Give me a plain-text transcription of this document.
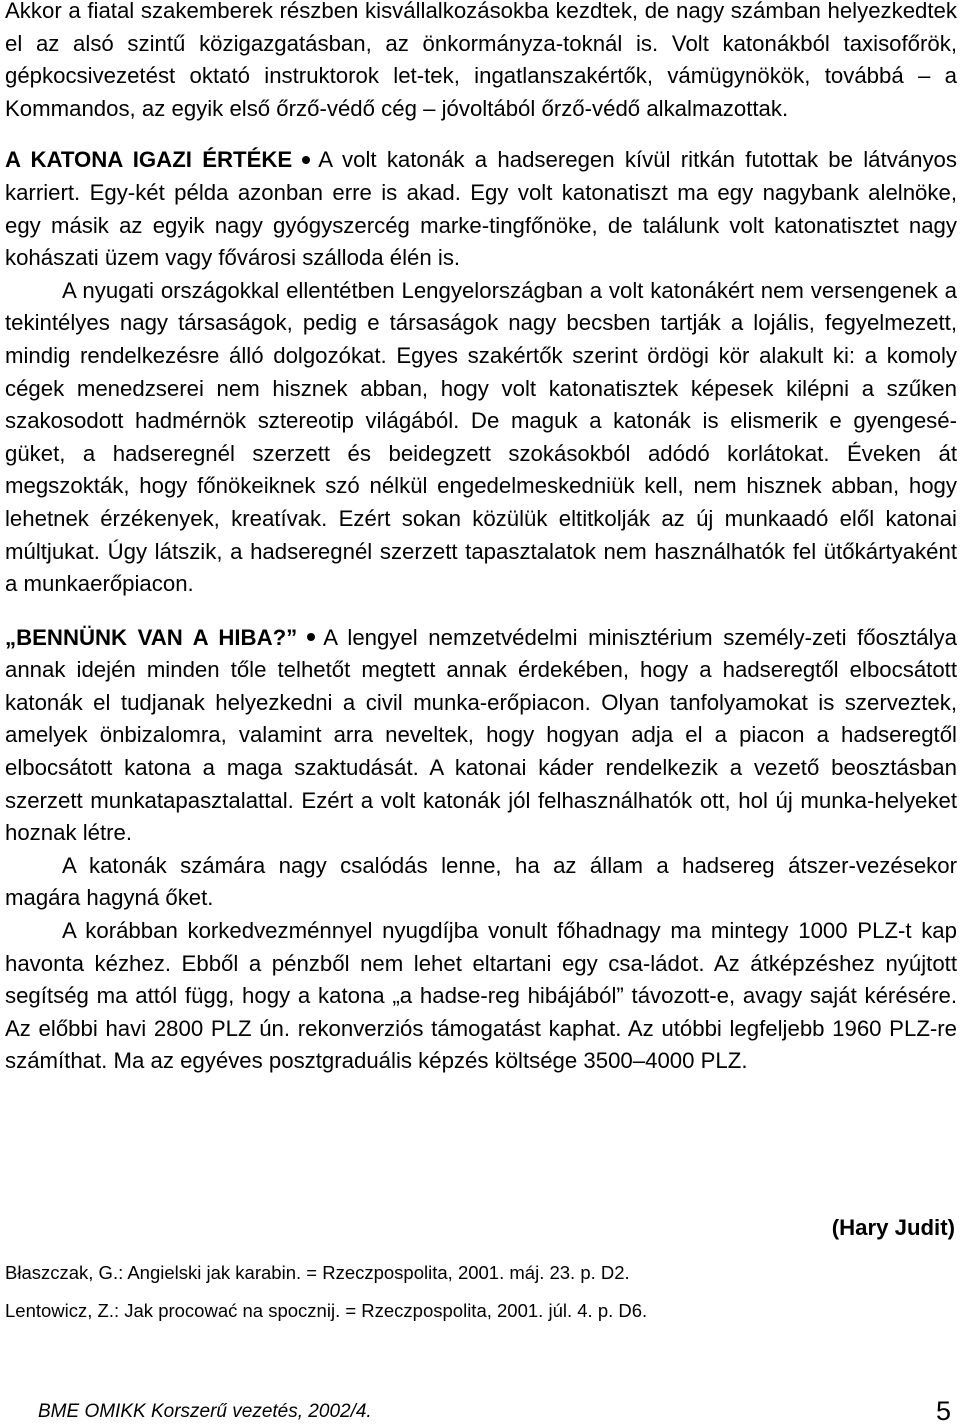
Akkor a fiatal szakemberek részben kisvállalkozásokba kezdtek, de nagy számban helyezkedtek el az alsó szintű közigazgatásban, az önkormányza-toknál is. Volt katonákból taxisofőrök, gépkocsivezetést oktató instruktorok let-tek, ingatlanszakértők, vámügynökök, továbbá – a Kommandos, az egyik első őrző-védő cég – jóvoltából őrző-védő alkalmazottak.

A KATONA IGAZI ÉRTÉKE A volt katonák a hadseregen kívül ritkán futottak be látványos karriert. Egy-két példa azonban erre is akad. Egy volt katonatiszt ma egy nagybank alelnöke, egy másik az egyik nagy gyógyszercég marke-tingfőnöke, de találunk volt katonatisztet nagy kohászati üzem vagy fővárosi szálloda élén is.

A nyugati országokkal ellentétben Lengyelországban a volt katonákért nem versengenek a tekintélyes nagy társaságok, pedig e társaságok nagy becsben tartják a lojális, fegyelmezett, mindig rendelkezésre álló dolgozókat. Egyes szakértők szerint ördögi kör alakult ki: a komoly cégek menedzserei nem hisznek abban, hogy volt katonatisztek képesek kilépni a szűken szakosodott hadmérnök sztereotip világából. De maguk a katonák is elismerik e gyengesé-güket, a hadseregnél szerzett és beidegzett szokásokból adódó korlátokat. Éveken át megszokták, hogy főnökeiknek szó nélkül engedelmeskedniük kell, nem hisznek abban, hogy lehetnek érzékenyek, kreatívak. Ezért sokan közülük eltitkolják az új munkaadó elől katonai múltjukat. Úgy látszik, a hadseregnél szerzett tapasztalatok nem használhatók fel ütőkártyaként a munkaerőpiacon.

„BENNÜNK VAN A HIBA?” A lengyel nemzetvédelmi minisztérium személy-zeti főosztálya annak idején minden tőle telhetőt megtett annak érdekében, hogy a hadseregtől elbocsátott katonák el tudjanak helyezkedni a civil munka-erőpiacon. Olyan tanfolyamokat is szerveztek, amelyek önbizalomra, valamint arra neveltek, hogy hogyan adja el a piacon a hadseregtől elbocsátott katona a maga szaktudását. A katonai káder rendelkezik a vezető beosztásban szerzett munkatapasztalattal. Ezért a volt katonák jól felhasználhatók ott, hol új munka-helyeket hoznak létre.

A katonák számára nagy csalódás lenne, ha az állam a hadsereg átszer-vezésekor magára hagyná őket.

A korábban korkedvezménnyel nyugdíjba vonult főhadnagy ma mintegy 1000 PLZ-t kap havonta kézhez. Ebből a pénzből nem lehet eltartani egy csa-ládot. Az átképzéshez nyújtott segítség ma attól függ, hogy a katona „a hadse-reg hibájából” távozott-e, avagy saját kérésére. Az előbbi havi 2800 PLZ ún. rekonverziós támogatást kaphat. Az utóbbi legfeljebb 1960 PLZ-re számíthat. Ma az egyéves posztgraduális képzés költsége 3500–4000 PLZ.

(Hary Judit)
Błaszczak, G.: Angielski jak karabin. = Rzeczpospolita, 2001. máj. 23. p. D2.
Lentowicz, Z.: Jak procować na spocznij. = Rzeczpospolita, 2001. júl. 4. p. D6.
BME OMIKK Korszerű vezetés, 2002/4.	5
